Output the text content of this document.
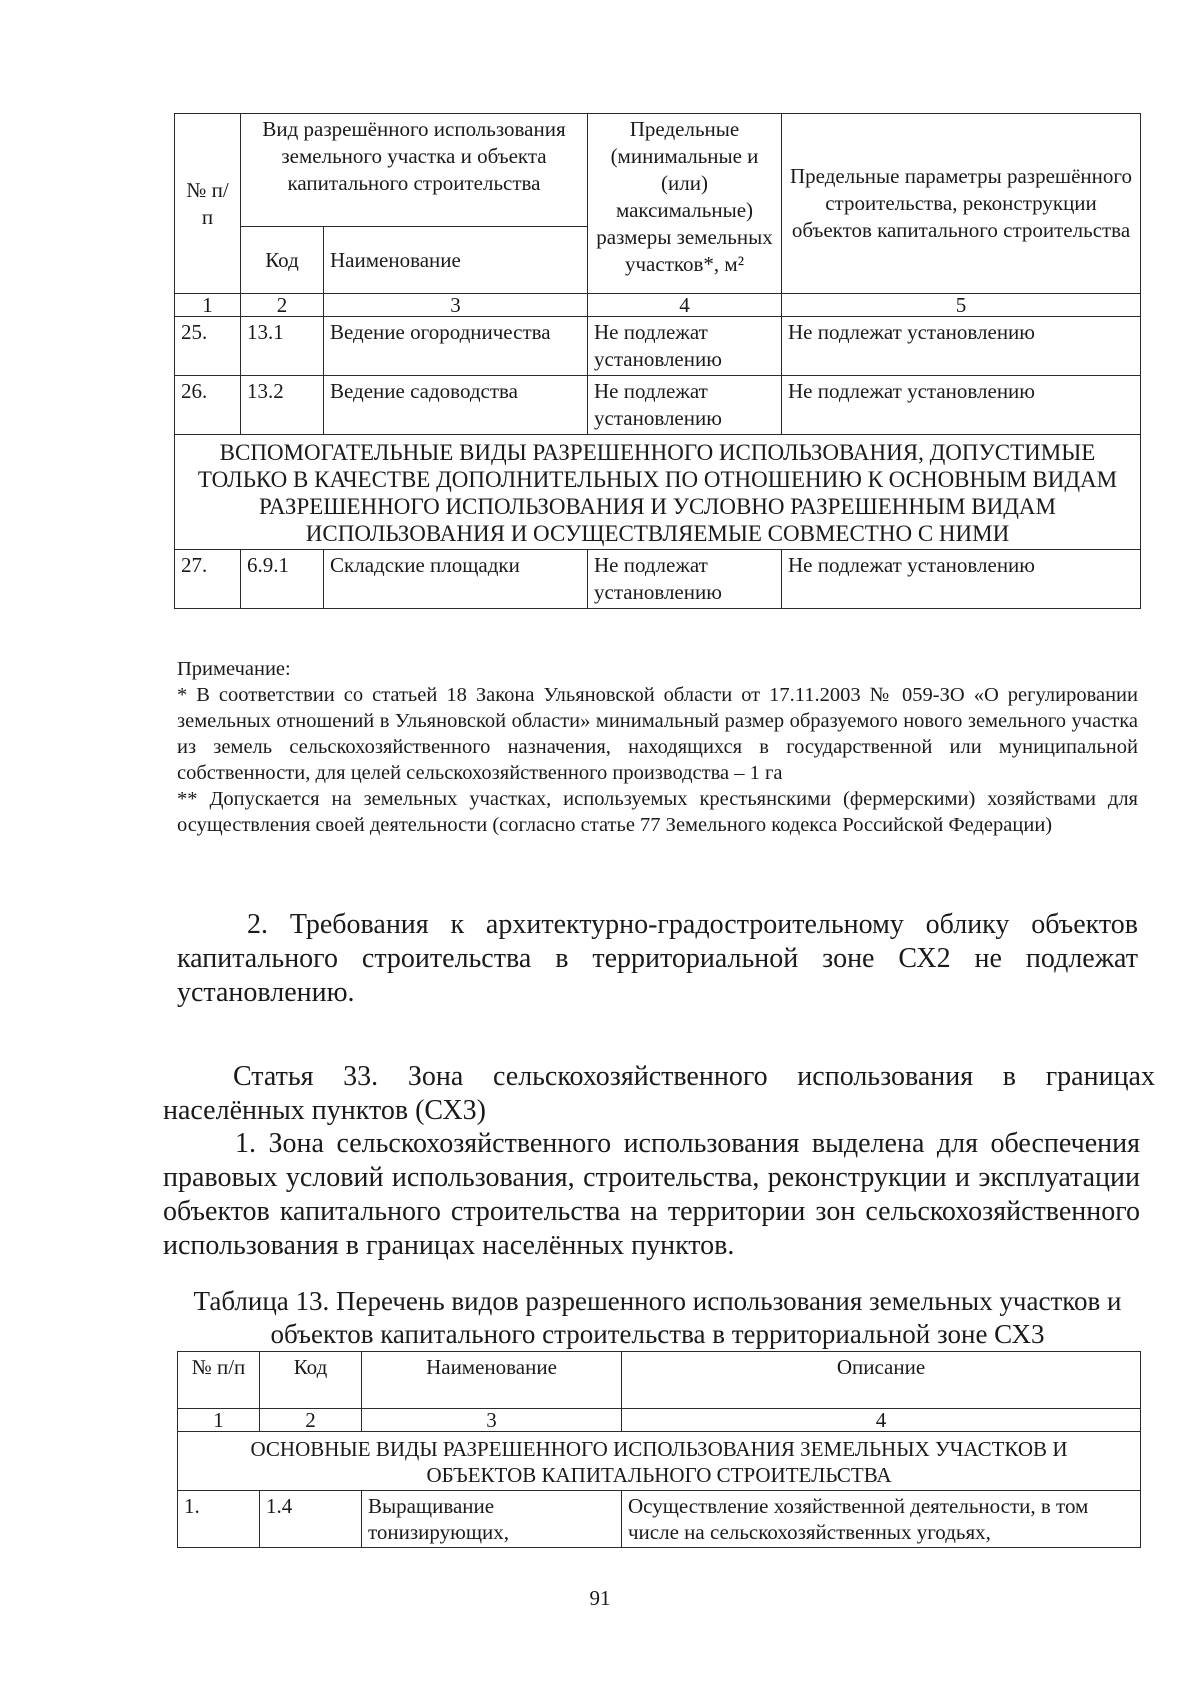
№ п/п	Вид разрешённого использования земельного участка и объекта капитального строительства		Предельные (минимальные и (или) максимальные) размеры земельных участков*, м²	Предельные параметры разрешённого строительства, реконструкции объектов капитального строительства
	Код	Наименование		
1	2	3	4	5
25.	13.1	Ведение огородничества	Не подлежат установлению	Не подлежат установлению
26.	13.2	Ведение садоводства	Не подлежат установлению	Не подлежат установлению
ВСПОМОГАТЕЛЬНЫЕ ВИДЫ РАЗРЕШЕННОГО ИСПОЛЬЗОВАНИЯ, ДОПУСТИМЫЕ ТОЛЬКО В КАЧЕСТВЕ ДОПОЛНИТЕЛЬНЫХ ПО ОТНОШЕНИЮ К ОСНОВНЫМ ВИДАМ РАЗРЕШЕННОГО ИСПОЛЬЗОВАНИЯ И УСЛОВНО РАЗРЕШЕННЫМ ВИДАМ ИСПОЛЬЗОВАНИЯ И ОСУЩЕСТВЛЯЕМЫЕ СОВМЕСТНО С НИМИ				
27.	6.9.1	Складские площадки	Не подлежат установлению	Не подлежат установлению

Примечание:

* В соответствии со статьей 18 Закона Ульяновской области от 17.11.2003 № 059-ЗО «О регулировании земельных отношений в Ульяновской области» минимальный размер образуемого нового земельного участка из земель сельскохозяйственного назначения, находящихся в государственной или муниципальной собственности, для целей сельскохозяйственного производства – 1 га

** Допускается на земельных участках, используемых крестьянскими (фермерскими) хозяйствами для осуществления своей деятельности (согласно статье 77 Земельного кодекса Российской Федерации)

2. Требования к архитектурно-градостроительному облику объектов капитального строительства в территориальной зоне СХ2 не подлежат установлению.

Статья 33. Зона сельскохозяйственного использования в границах населённых пунктов (СХ3)

1. Зона сельскохозяйственного использования выделена для обеспечения правовых условий использования, строительства, реконструкции и эксплуатации объектов капитального строительства на территории зон сельскохозяйственного использования в границах населённых пунктов.

Таблица 13. Перечень видов разрешенного использования земельных участков и объектов капитального строительства в территориальной зоне СХ3

№ п/п	Код	Наименование	Описание
1	2	3	4
ОСНОВНЫЕ ВИДЫ РАЗРЕШЕННОГО ИСПОЛЬЗОВАНИЯ ЗЕМЕЛЬНЫХ УЧАСТКОВ И ОБЪЕКТОВ КАПИТАЛЬНОГО СТРОИТЕЛЬСТВА			
1.	1.4	Выращивание тонизирующих,	Осуществление хозяйственной деятельности, в том числе на сельскохозяйственных угодьях,
91
